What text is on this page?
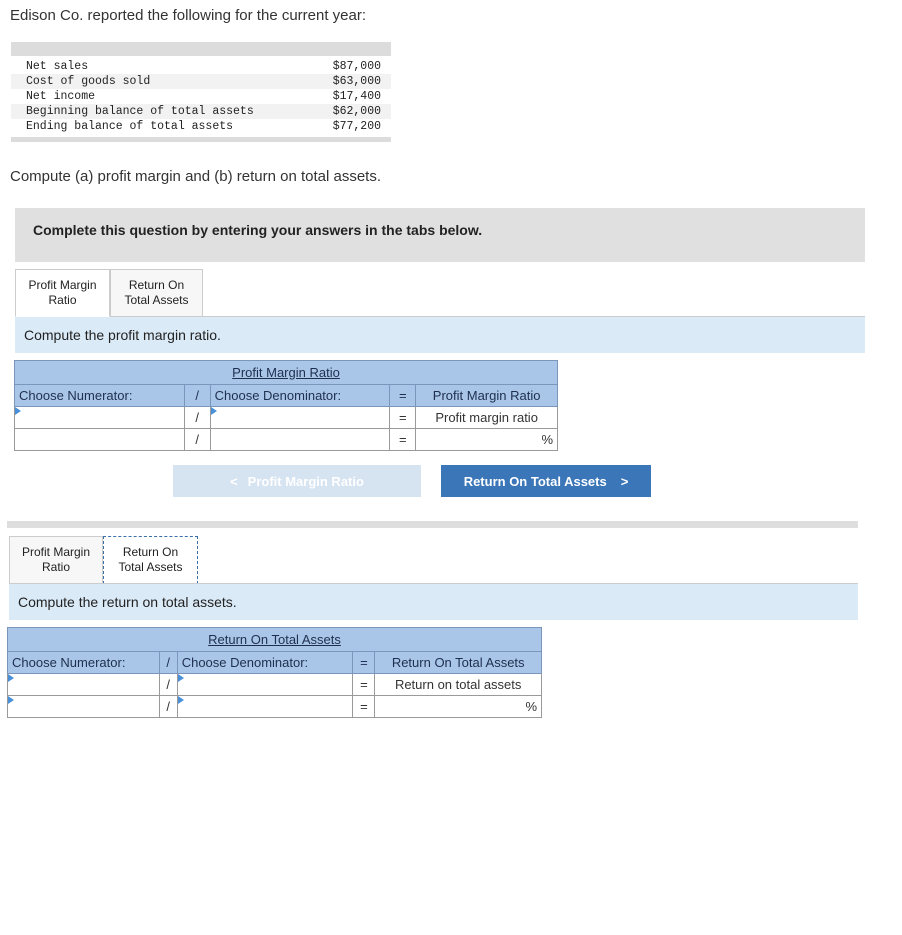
Edison Co. reported the following for the current year:
Net sales	$87,000
Cost of goods sold	$63,000
Net income	$17,400
Beginning balance of total assets	$62,000
Ending balance of total assets	$77,200
Compute (a) profit margin and (b) return on total assets.
Complete this question by entering your answers in the tabs below.
Profit Margin
Ratio
Return On
Total Assets
Compute the profit margin ratio.
Profit Margin Ratio				
Choose Numerator:	/	Choose Denominator:	=	Profit Margin Ratio

	/		=	Profit margin ratio
	/		=	%
< Profit Margin Ratio	Return On Total Assets >
Profit Margin
Ratio
Return On
Total Assets
Compute the return on total assets.
Return On Total Assets				
Choose Numerator:	/	Choose Denominator:	=	Return On Total Assets

	/		=	Return on total assets

	/		=	%
